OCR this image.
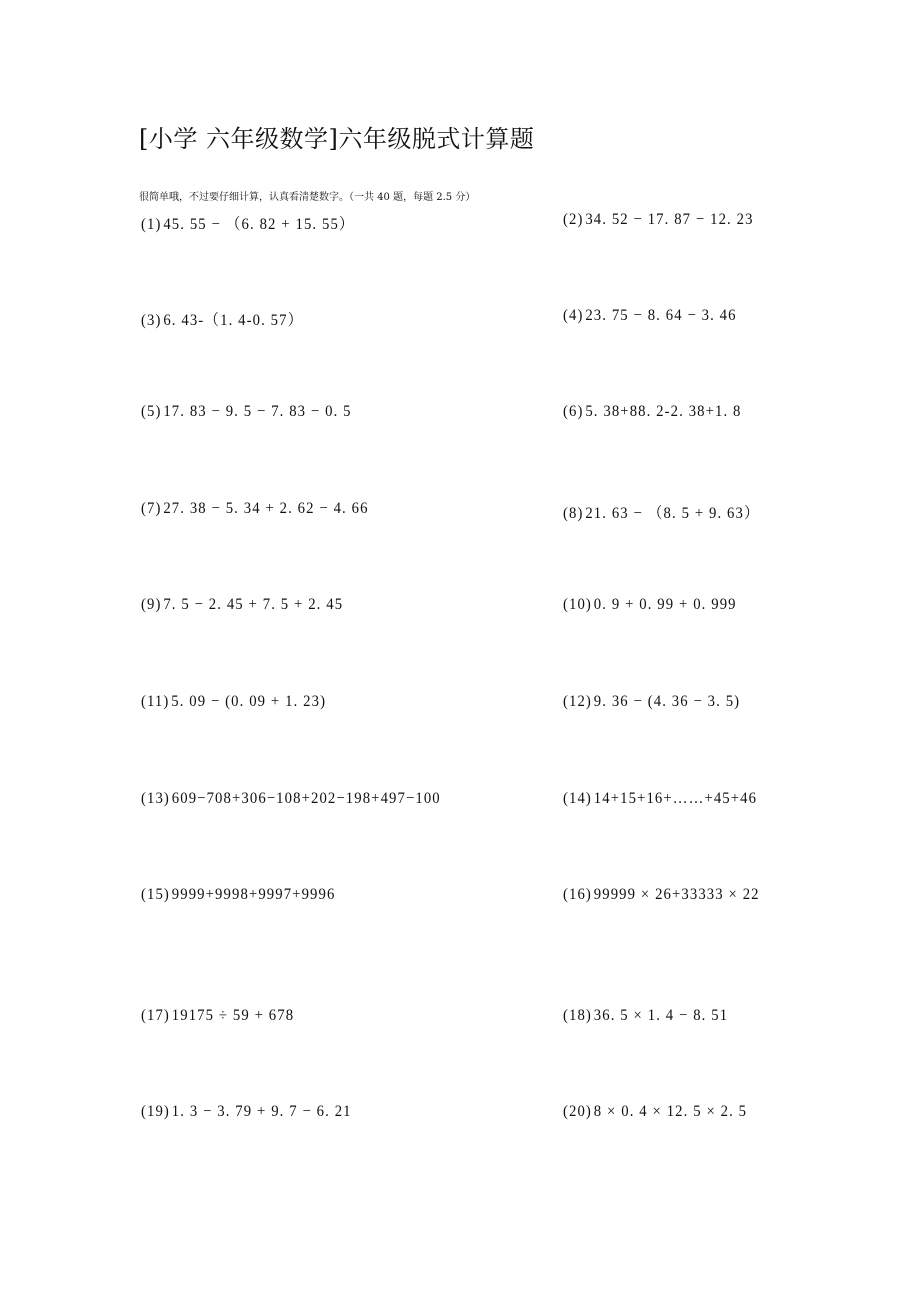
[小学 六年级数学]六年级脱式计算题
很简单哦，不过要仔细计算，认真看清楚数字。（一共 40 题，每题 2.5 分）
(1) 45. 55 − （6. 82 + 15. 55）	(2) 34. 52 − 17. 87 − 12. 23
(3) 6. 43-（1. 4-0. 57）	(4) 23. 75 − 8. 64 − 3. 46
(5) 17. 83 − 9. 5 − 7. 83 − 0. 5	(6) 5. 38+88. 2-2. 38+1. 8
(7) 27. 38 − 5. 34 + 2. 62 − 4. 66	(8) 21. 63 − （8. 5 + 9. 63）
(9) 7. 5 − 2. 45 + 7. 5 + 2. 45	(10) 0. 9 + 0. 99 + 0. 999
(11) 5. 09 − (0. 09 + 1. 23)	(12) 9. 36 − (4. 36 − 3. 5)
(13) 609−708+306−108+202−198+497−100	(14) 14+15+16+……+45+46
(15) 9999+9998+9997+9996	(16) 99999 × 26+33333 × 22
(17) 19175 ÷ 59 + 678	(18) 36. 5 × 1. 4 − 8. 51
(19) 1. 3 − 3. 79 + 9. 7 − 6. 21	(20) 8 × 0. 4 × 12. 5 × 2. 5
